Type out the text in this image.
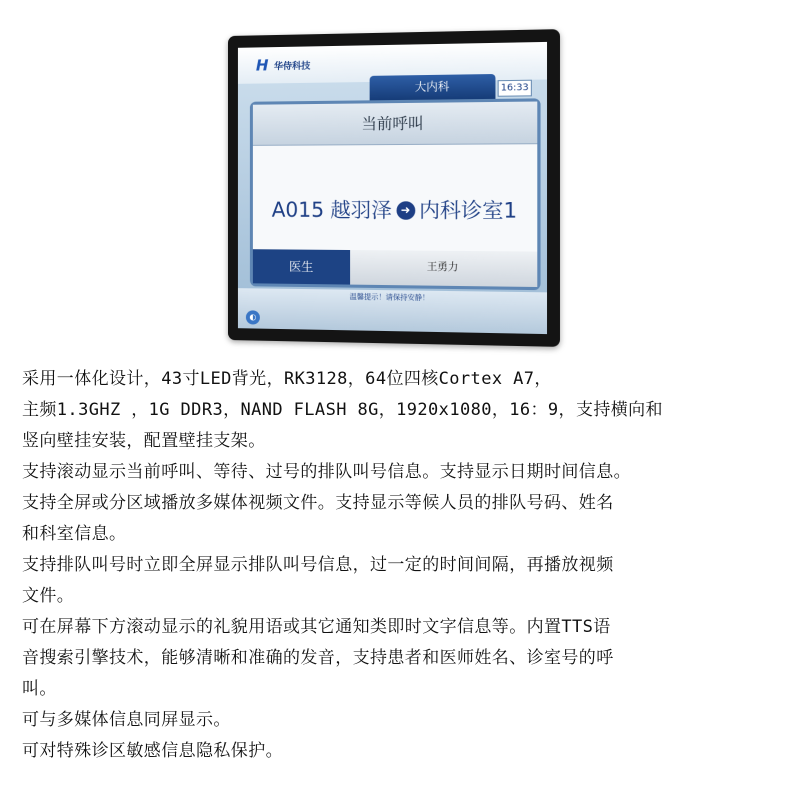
H 华侍科技
大内科	16:33
当前呼叫
A015 越羽泽 ➜ 内科诊室1
医生	王勇力
温馨提示！请保持安静！
◐
采用一体化设计，43寸LED背光，RK3128，64位四核Cortex A7，
主频1.3GHZ ，1G DDR3，NAND FLASH 8G，1920x1080，16：9，支持横向和
竖向壁挂安装，配置壁挂支架。
支持滚动显示当前呼叫、等待、过号的排队叫号信息。支持显示日期时间信息。
支持全屏或分区域播放多媒体视频文件。支持显示等候人员的排队号码、姓名
和科室信息。
支持排队叫号时立即全屏显示排队叫号信息，过一定的时间间隔，再播放视频
文件。
可在屏幕下方滚动显示的礼貌用语或其它通知类即时文字信息等。内置TTS语
音搜索引擎技术，能够清晰和准确的发音，支持患者和医师姓名、诊室号的呼
叫。
可与多媒体信息同屏显示。
可对特殊诊区敏感信息隐私保护。
